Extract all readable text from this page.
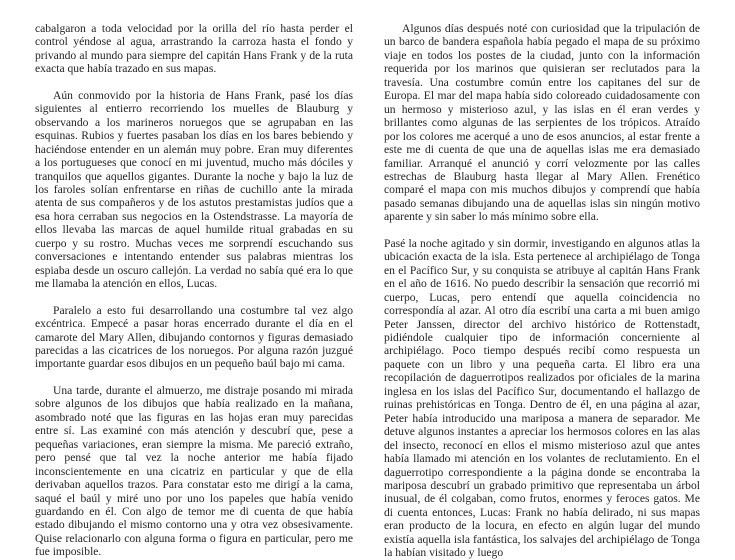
cabalgaron a toda velocidad por la orilla del río hasta perder el control yéndose al agua, arrastrando la carroza hasta el fondo y privando al mundo para siempre del capitán Hans Frank y de la ruta exacta que había trazado en sus mapas.

Aún conmovido por la historia de Hans Frank, pasé los días siguientes al entierro recorriendo los muelles de Blauburg y observando a los marineros noruegos que se agrupaban en las esquinas. Rubios y fuertes pasaban los días en los bares bebiendo y haciéndose entender en un alemán muy pobre. Eran muy diferentes a los portugueses que conocí en mi juventud, mucho más dóciles y tranquilos que aquellos gigantes. Durante la noche y bajo la luz de los faroles solían enfrentarse en riñas de cuchillo ante la mirada atenta de sus compañeros y de los astutos prestamistas judíos que a esa hora cerraban sus negocios en la Ostendstrasse. La mayoría de ellos llevaba las marcas de aquel humilde ritual grabadas en su cuerpo y su rostro. Muchas veces me sorprendí escuchando sus conversaciones e intentando entender sus palabras mientras los espiaba desde un oscuro callejón. La verdad no sabía qué era lo que me llamaba la atención en ellos, Lucas.

Paralelo a esto fui desarrollando una costumbre tal vez algo excéntrica. Empecé a pasar horas encerrado durante el día en el camarote del Mary Allen, dibujando contornos y figuras demasiado parecidas a las cicatrices de los noruegos. Por alguna razón juzgué importante guardar esos dibujos en un pequeño baúl bajo mi cama.

Una tarde, durante el almuerzo, me distraje posando mi mirada sobre algunos de los dibujos que había realizado en la mañana, asombrado noté que las figuras en las hojas eran muy parecidas entre sí. Las examiné con más atención y descubrí que, pese a pequeñas variaciones, eran siempre la misma. Me pareció extraño, pero pensé que tal vez la noche anterior me había fijado inconscientemente en una cicatriz en particular y que de ella derivaban aquellos trazos. Para constatar esto me dirigí a la cama, saqué el baúl y miré uno por uno los papeles que había venido guardando en él. Con algo de temor me di cuenta de que había estado dibujando el mismo contorno una y otra vez obsesivamente. Quise relacionarlo con alguna forma o figura en particular, pero me fue imposible.

Algunos días después noté con curiosidad que la tripulación de un barco de bandera española había pegado el mapa de su próximo viaje en todos los postes de la ciudad, junto con la información requerida por los marinos que quisieran ser reclutados para la travesía. Una costumbre común entre los capitanes del sur de Europa. El mar del mapa había sido coloreado cuidadosamente con un hermoso y misterioso azul, y las islas en él eran verdes y brillantes como algunas de las serpientes de los trópicos. Atraído por los colores me acerqué a uno de esos anuncios, al estar frente a este me di cuenta de que una de aquellas islas me era demasiado familiar. Arranqué el anunció y corrí velozmente por las calles estrechas de Blauburg hasta llegar al Mary Allen. Frenético comparé el mapa con mis muchos dibujos y comprendí que había pasado semanas dibujando una de aquellas islas sin ningún motivo aparente y sin saber lo más mínimo sobre ella.

Pasé la noche agitado y sin dormir, investigando en algunos atlas la ubicación exacta de la isla. Esta pertenece al archipiélago de Tonga en el Pacífico Sur, y su conquista se atribuye al capitán Hans Frank en el año de 1616. No puedo describir la sensación que recorrió mi cuerpo, Lucas, pero entendí que aquella coincidencia no correspondía al azar. Al otro día escribí una carta a mi buen amigo Peter Janssen, director del archivo histórico de Rottenstadt, pidiéndole cualquier tipo de información concerniente al archipiélago. Poco tiempo después recibí como respuesta un paquete con un libro y una pequeña carta. El libro era una recopilación de daguerrotipos realizados por oficiales de la marina inglesa en los islas del Pacífico Sur, documentando el hallazgo de ruinas prehistóricas en Tonga. Dentro de él, en una página al azar, Peter había introducido una mariposa a manera de separador. Me detuve algunos instantes a apreciar los hermosos colores en las alas del insecto, reconocí en ellos el mismo misterioso azul que antes había llamado mi atención en los volantes de reclutamiento. En el daguerrotipo correspondiente a la página donde se encontraba la mariposa descubrí un grabado primitivo que representaba un árbol inusual, de él colgaban, como frutos, enormes y feroces gatos. Me di cuenta entonces, Lucas: Frank no había delirado, ni sus mapas eran producto de la locura, en efecto en algún lugar del mundo existía aquella isla fantástica, los salvajes del archipiélago de Tonga la habían visitado y luego
